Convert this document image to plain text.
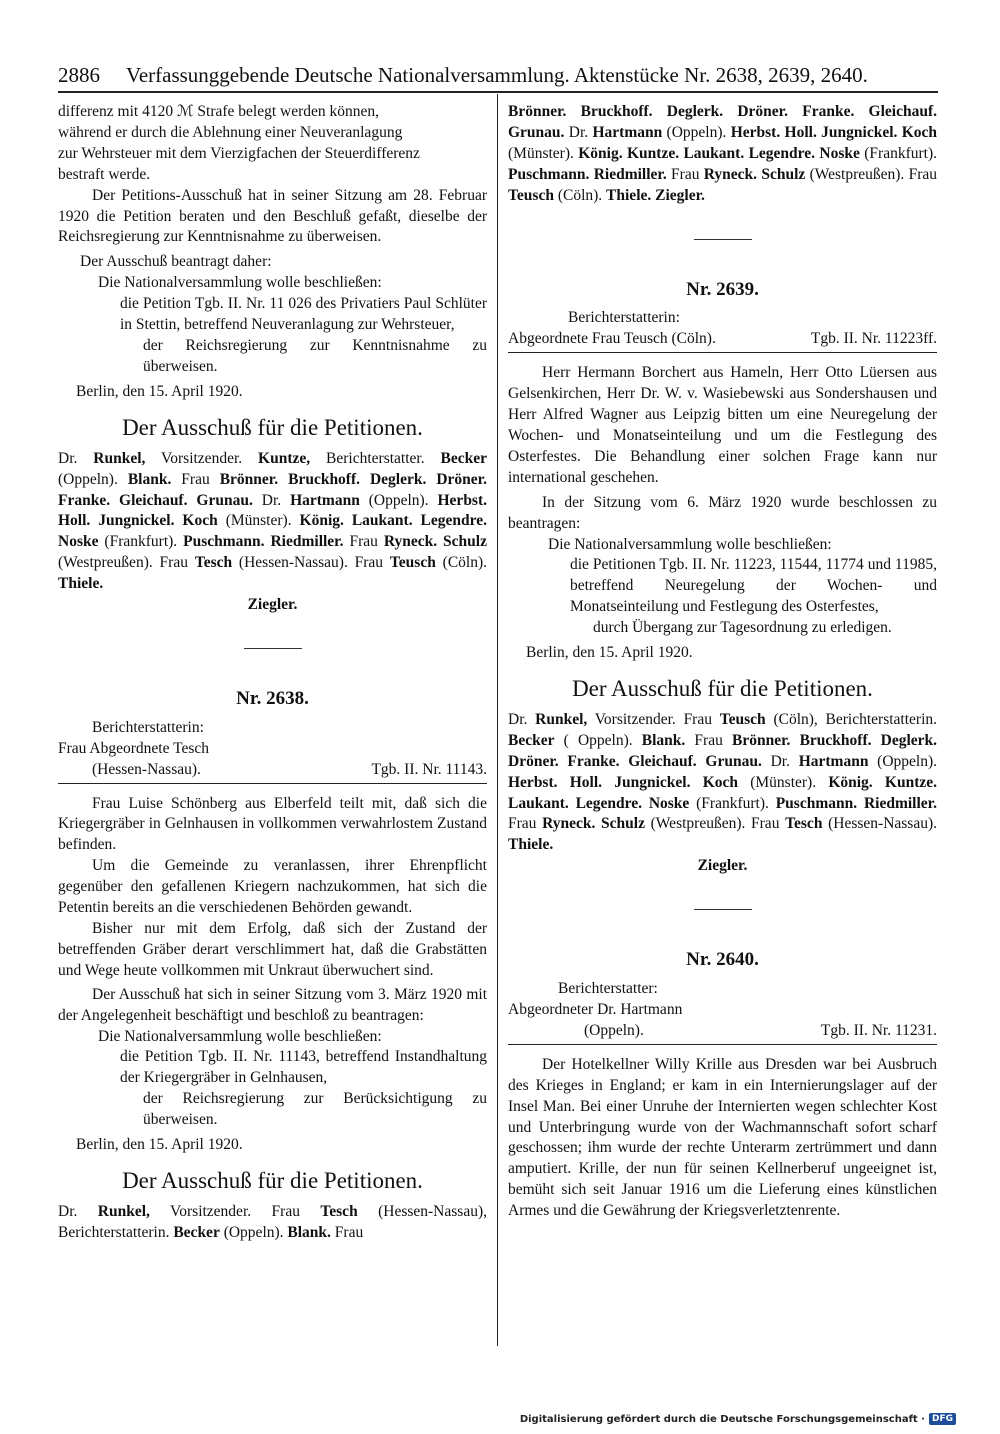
2886 Verfassunggebende Deutsche Nationalversammlung. Aktenstücke Nr. 2638, 2639, 2640.

differenz mit 4120 ℳ Strafe belegt werden können,

während er durch die Ablehnung einer Neuveranlagung

zur Wehrsteuer mit dem Vierzigfachen der Steuerdifferenz

bestraft werde.

Der Petitions-Ausschuß hat in seiner Sitzung am 28. Februar 1920 die Petition beraten und den Beschluß gefaßt, dieselbe der Reichsregierung zur Kenntnisnahme zu überweisen.

Der Ausschuß beantragt daher:

Die Nationalversammlung wolle beschließen:

die Petition Tgb. II. Nr. 11 026 des Privatiers Paul Schlüter in Stettin, betreffend Neuveranlagung zur Wehrsteuer,

der Reichsregierung zur Kenntnisnahme zu überweisen.

Berlin, den 15. April 1920.

Der Ausschuß für die Petitionen.

Dr. Runkel, Vorsitzender. Kuntze, Berichterstatter. Becker (Oppeln). Blank. Frau Brönner. Bruckhoff. Deglerk. Dröner. Franke. Gleichauf. Grunau. Dr. Hartmann (Oppeln). Herbst. Holl. Jungnickel. Koch (Münster). König. Laukant. Legendre. Noske (Frankfurt). Puschmann. Riedmiller. Frau Ryneck. Schulz (Westpreußen). Frau Tesch (Hessen-Nassau). Frau Teusch (Cöln). Thiele.

Ziegler.

Nr. 2638.
Berichterstatterin:
Frau Abgeordnete Tesch
(Hessen-Nassau).	Tgb. II. Nr. 11143.

Frau Luise Schönberg aus Elberfeld teilt mit, daß sich die Kriegergräber in Gelnhausen in vollkommen verwahrlostem Zustand befinden.

Um die Gemeinde zu veranlassen, ihrer Ehrenpflicht gegenüber den gefallenen Kriegern nachzukommen, hat sich die Petentin bereits an die verschiedenen Behörden gewandt.

Bisher nur mit dem Erfolg, daß sich der Zustand der betreffenden Gräber derart verschlimmert hat, daß die Grabstätten und Wege heute vollkommen mit Unkraut überwuchert sind.

Der Ausschuß hat sich in seiner Sitzung vom 3. März 1920 mit der Angelegenheit beschäftigt und beschloß zu beantragen:

Die Nationalversammlung wolle beschließen:

die Petition Tgb. II. Nr. 11143, betreffend Instandhaltung der Kriegergräber in Gelnhausen,

der Reichsregierung zur Berücksichtigung zu überweisen.

Berlin, den 15. April 1920.

Der Ausschuß für die Petitionen.

Dr. Runkel, Vorsitzender. Frau Tesch (Hessen-Nassau), Berichterstatterin. Becker (Oppeln). Blank. Frau

Brönner. Bruckhoff. Deglerk. Dröner. Franke. Gleichauf. Grunau. Dr. Hartmann (Oppeln). Herbst. Holl. Jungnickel. Koch (Münster). König. Kuntze. Laukant. Legendre. Noske (Frankfurt). Puschmann. Riedmiller. Frau Ryneck. Schulz (Westpreußen). Frau Teusch (Cöln). Thiele. Ziegler.

Nr. 2639.
Berichterstatterin:
Abgeordnete Frau Teusch (Cöln).	Tgb. II. Nr. 11223ff.

Herr Hermann Borchert aus Hameln, Herr Otto Lüersen aus Gelsenkirchen, Herr Dr. W. v. Wasiebewski aus Sondershausen und Herr Alfred Wagner aus Leipzig bitten um eine Neuregelung der Wochen- und Monatseinteilung und um die Festlegung des Osterfestes. Die Behandlung einer solchen Frage kann nur international geschehen.

In der Sitzung vom 6. März 1920 wurde beschlossen zu beantragen:

Die Nationalversammlung wolle beschließen:

die Petitionen Tgb. II. Nr. 11223, 11544, 11774 und 11985, betreffend Neuregelung der Wochen- und Monatseinteilung und Festlegung des Osterfestes,

durch Übergang zur Tagesordnung zu erledigen.

Berlin, den 15. April 1920.

Der Ausschuß für die Petitionen.

Dr. Runkel, Vorsitzender. Frau Teusch (Cöln), Berichterstatterin. Becker ( Oppeln). Blank. Frau Brönner. Bruckhoff. Deglerk. Dröner. Franke. Gleichauf. Grunau. Dr. Hartmann (Oppeln). Herbst. Holl. Jungnickel. Koch (Münster). König. Kuntze. Laukant. Legendre. Noske (Frankfurt). Puschmann. Riedmiller. Frau Ryneck. Schulz (Westpreußen). Frau Tesch (Hessen-Nassau). Thiele.

Ziegler.

Nr. 2640.
Berichterstatter:
Abgeordneter Dr. Hartmann
(Oppeln).	Tgb. II. Nr. 11231.

Der Hotelkellner Willy Krille aus Dresden war bei Ausbruch des Krieges in England; er kam in ein Internierungslager auf der Insel Man. Bei einer Unruhe der Internierten wegen schlechter Kost und Unterbringung wurde von der Wachmannschaft sofort scharf geschossen; ihm wurde der rechte Unterarm zertrümmert und dann amputiert. Krille, der nun für seinen Kellnerberuf ungeeignet ist, bemüht sich seit Januar 1916 um die Lieferung eines künstlichen Armes und die Gewährung der Kriegsverletztenrente.

Digitalisierung gefördert durch die Deutsche Forschungsgemeinschaft · DFG
